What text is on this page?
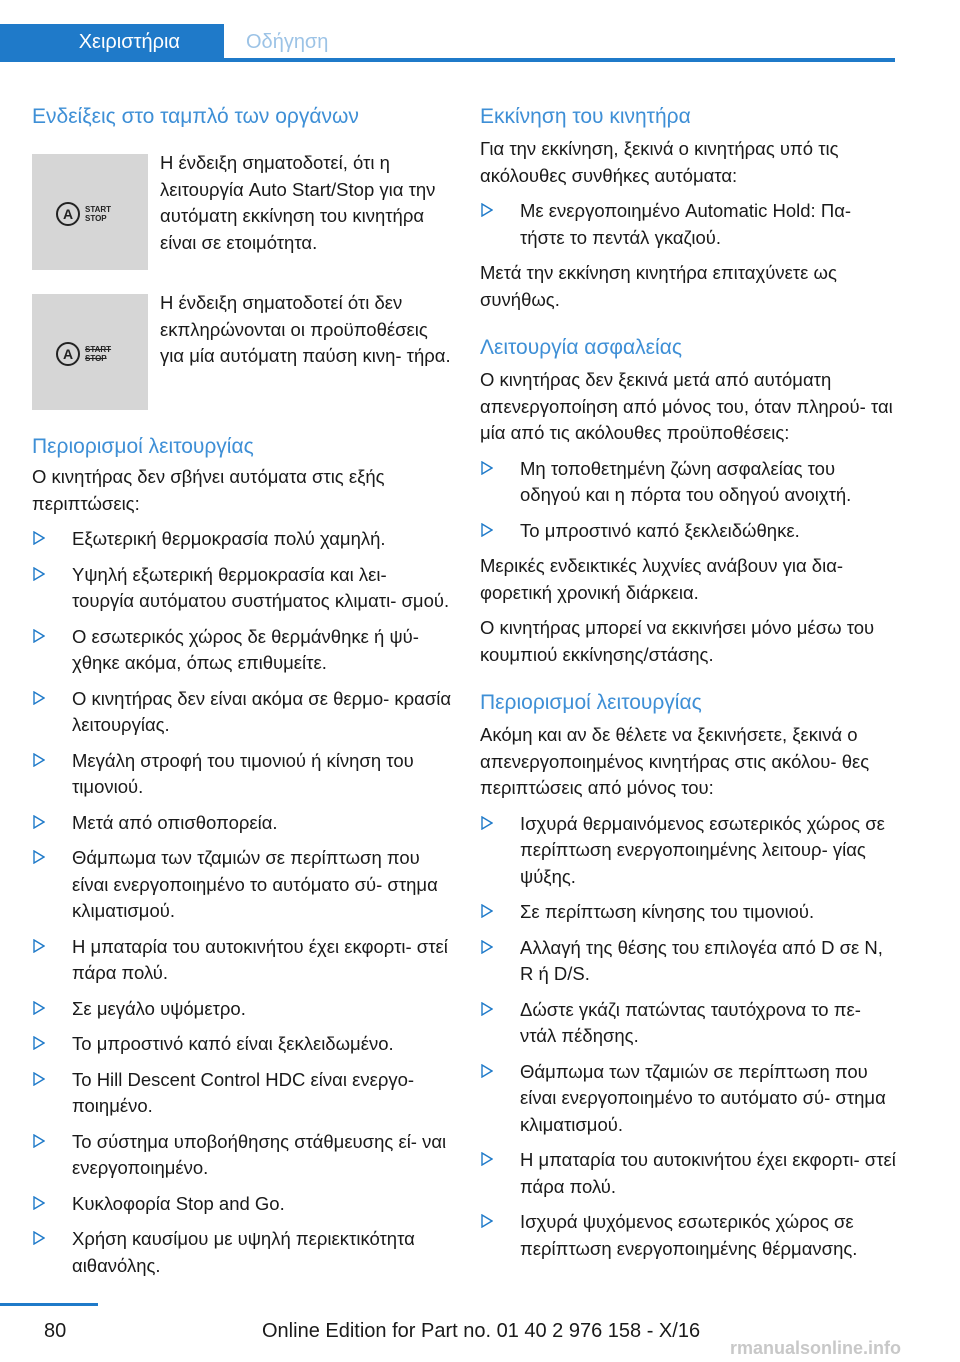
Χειριστήρια	Οδήγηση
Ενδείξεις στο ταμπλό των οργάνων
A	START
STOP
Η ένδειξη σηματοδοτεί, ότι η λειτουργία Auto Start/Stop για την αυτόματη εκκίνηση του κινητήρα είναι σε ετοιμότητα.
A	START
STOP
Η ένδειξη σηματοδοτεί ότι δεν εκπληρώνονται οι προϋποθέσεις για μία αυτόματη παύση κινη‐ τήρα.
Περιορισμοί λειτουργίας

Ο κινητήρας δεν σβήνει αυτόματα στις εξής περιπτώσεις:

Εξωτερική θερμοκρασία πολύ χαμηλή.
Υψηλή εξωτερική θερμοκρασία και λει‐ τουργία αυτόματου συστήματος κλιματι‐ σμού.
Ο εσωτερικός χώρος δε θερμάνθηκε ή ψύ‐ χθηκε ακόμα, όπως επιθυμείτε.
Ο κινητήρας δεν είναι ακόμα σε θερμο‐ κρασία λειτουργίας.
Μεγάλη στροφή του τιμονιού ή κίνηση του τιμονιού.
Μετά από οπισθοπορεία.
Θάμπωμα των τζαμιών σε περίπτωση που είναι ενεργοποιημένο το αυτόματο σύ‐ στημα κλιματισμού.
Η μπαταρία του αυτοκινήτου έχει εκφορτι‐ στεί πάρα πολύ.
Σε μεγάλο υψόμετρο.
Το μπροστινό καπό είναι ξεκλειδωμένο.
Το Hill Descent Control HDC είναι ενεργο‐ ποιημένο.
Το σύστημα υποβοήθησης στάθμευσης εί‐ ναι ενεργοποιημένο.
Κυκλοφορία Stop and Go.
Χρήση καυσίμου με υψηλή περιεκτικότητα αιθανόλης.
Εκκίνηση του κινητήρα

Για την εκκίνηση, ξεκινά ο κινητήρας υπό τις ακόλουθες συνθήκες αυτόματα:

Με ενεργοποιημένο Automatic Hold: Πα‐ τήστε το πεντάλ γκαζιού.

Μετά την εκκίνηση κινητήρα επιταχύνετε ως συνήθως.

Λειτουργία ασφαλείας

Ο κινητήρας δεν ξεκινά μετά από αυτόματη απενεργοποίηση από μόνος του, όταν πληρού‐ ται μία από τις ακόλουθες προϋποθέσεις:

Μη τοποθετημένη ζώνη ασφαλείας του οδηγού και η πόρτα του οδηγού ανοιχτή.
Το μπροστινό καπό ξεκλειδώθηκε.

Μερικές ενδεικτικές λυχνίες ανάβουν για δια‐ φορετική χρονική διάρκεια.

Ο κινητήρας μπορεί να εκκινήσει μόνο μέσω του κουμπιού εκκίνησης/στάσης.

Περιορισμοί λειτουργίας

Ακόμη και αν δε θέλετε να ξεκινήσετε, ξεκινά ο απενεργοποιημένος κινητήρας στις ακόλου‐ θες περιπτώσεις από μόνος του:

Ισχυρά θερμαινόμενος εσωτερικός χώρος σε περίπτωση ενεργοποιημένης λειτουρ‐ γίας ψύξης.
Σε περίπτωση κίνησης του τιμονιού.
Αλλαγή της θέσης του επιλογέα από D σε N, R ή D/S.
Δώστε γκάζι πατώντας ταυτόχρονα το πε‐ ντάλ πέδησης.
Θάμπωμα των τζαμιών σε περίπτωση που είναι ενεργοποιημένο το αυτόματο σύ‐ στημα κλιματισμού.
Η μπαταρία του αυτοκινήτου έχει εκφορτι‐ στεί πάρα πολύ.
Ισχυρά ψυχόμενος εσωτερικός χώρος σε περίπτωση ενεργοποιημένης θέρμανσης.
80	Online Edition for Part no. 01 40 2 976 158 - X/16
rmanualsonline.info
